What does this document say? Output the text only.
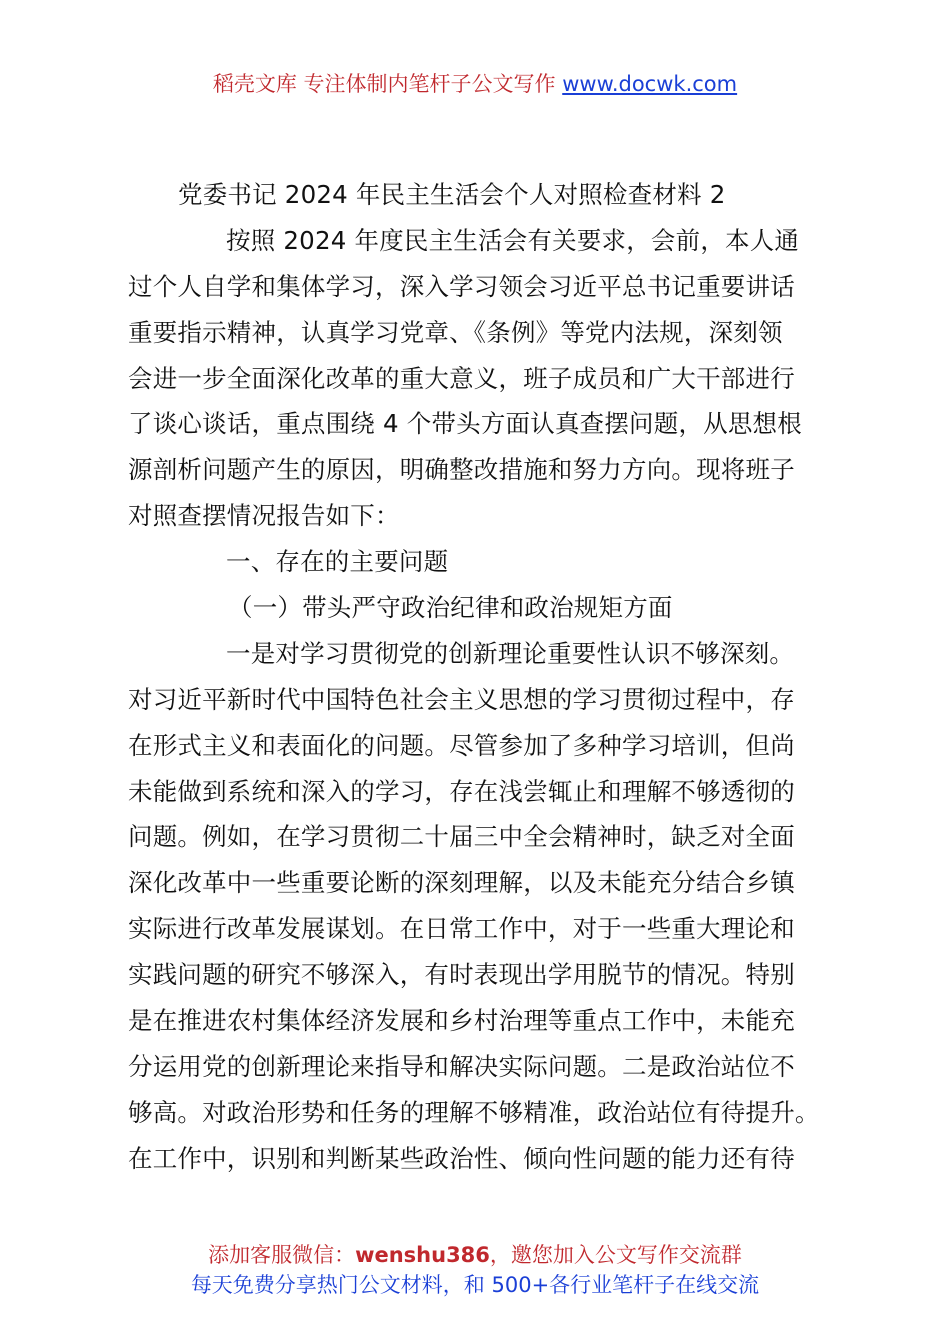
稻壳文库 专注体制内笔杆子公文写作 www.docwk.com
党委书记 2024 年民主生活会个人对照检查材料 2
按照 2024 年度民主生活会有关要求，会前，本人通
过个人自学和集体学习，深入学习领会习近平总书记重要讲话
重要指示精神，认真学习党章、《条例》等党内法规，深刻领
会进一步全面深化改革的重大意义，班子成员和广大干部进行
了谈心谈话，重点围绕 4 个带头方面认真查摆问题，从思想根
源剖析问题产生的原因，明确整改措施和努力方向。现将班子
对照查摆情况报告如下：
一、存在的主要问题
（一）带头严守政治纪律和政治规矩方面
一是对学习贯彻党的创新理论重要性认识不够深刻。
对习近平新时代中国特色社会主义思想的学习贯彻过程中，存
在形式主义和表面化的问题。尽管参加了多种学习培训，但尚
未能做到系统和深入的学习，存在浅尝辄止和理解不够透彻的
问题。例如，在学习贯彻二十届三中全会精神时，缺乏对全面
深化改革中一些重要论断的深刻理解，以及未能充分结合乡镇
实际进行改革发展谋划。在日常工作中，对于一些重大理论和
实践问题的研究不够深入，有时表现出学用脱节的情况。特别
是在推进农村集体经济发展和乡村治理等重点工作中，未能充
分运用党的创新理论来指导和解决实际问题。二是政治站位不
够高。对政治形势和任务的理解不够精准，政治站位有待提升。
在工作中，识别和判断某些政治性、倾向性问题的能力还有待
添加客服微信：wenshu386，邀您加入公文写作交流群
每天免费分享热门公文材料，和 500+各行业笔杆子在线交流
